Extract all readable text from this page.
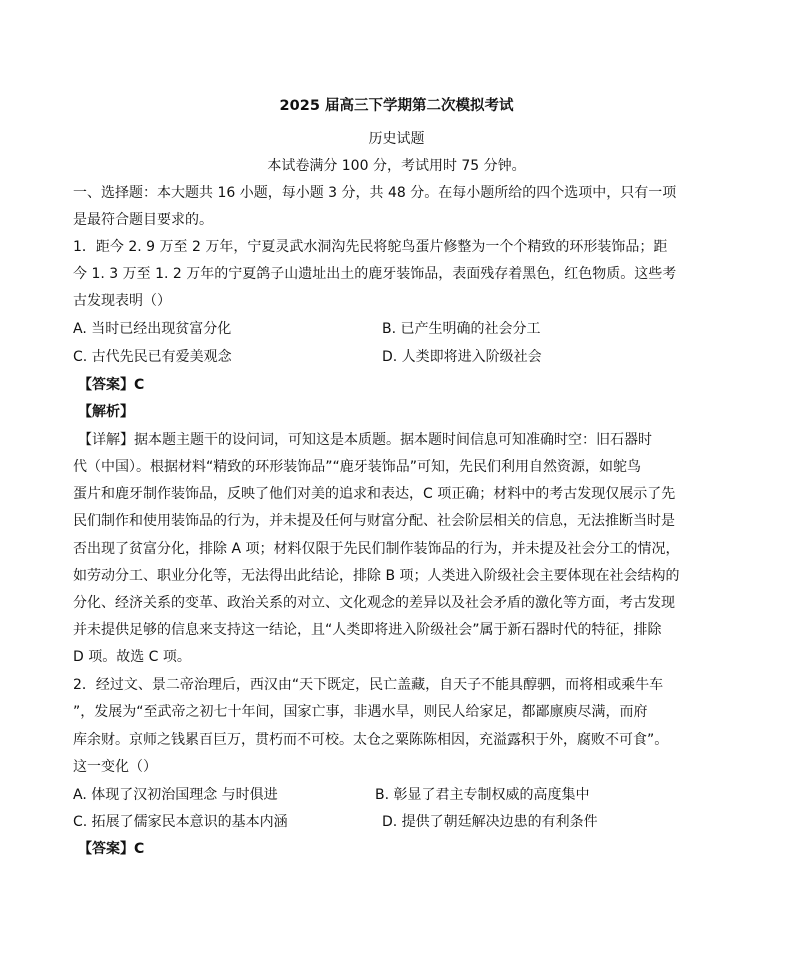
2025 届高三下学期第二次模拟考试
历史试题
本试卷满分 100 分，考试用时 75 分钟。
一、选择题：本大题共 16 小题，每小题 3 分，共 48 分。在每小题所给的四个选项中，只有一项
是最符合题目要求的。
1．距今 2. 9 万至 2 万年，宁夏灵武水洞沟先民将鸵鸟蛋片修整为一个个精致的环形装饰品；距
今 1. 3 万至 1. 2 万年的宁夏鸽子山遗址出土的鹿牙装饰品，表面残存着黑色，红色物质。这些考
古发现表明（）
A. 当时已经出现贫富分化	B. 已产生明确的社会分工
C. 古代先民已有爱美观念	D. 人类即将进入阶级社会
【答案】C
【解析】
【详解】据本题主题干的设问词，可知这是本质题。据本题时间信息可知准确时空：旧石器时
代（中国）。根据材料“精致的环形装饰品”“鹿牙装饰品”可知，先民们利用自然资源，如鸵鸟
蛋片和鹿牙制作装饰品，反映了他们对美的追求和表达，C 项正确；材料中的考古发现仅展示了先
民们制作和使用装饰品的行为，并未提及任何与财富分配、社会阶层相关的信息，无法推断当时是
否出现了贫富分化，排除 A 项；材料仅限于先民们制作装饰品的行为，并未提及社会分工的情况，
如劳动分工、职业分化等，无法得出此结论，排除 B 项；人类进入阶级社会主要体现在社会结构的
分化、经济关系的变革、政治关系的对立、文化观念的差异以及社会矛盾的激化等方面，考古发现
并未提供足够的信息来支持这一结论，且“人类即将进入阶级社会”属于新石器时代的特征，排除
D 项。故选 C 项。
2．经过文、景二帝治理后，西汉由“天下既定，民亡盖藏，自天子不能具醇驷，而将相或乘牛车
”，发展为“至武帝之初七十年间，国家亡事，非遇水旱，则民人给家足，都鄙廪庾尽满，而府
库余财。京师之钱累百巨万，贯朽而不可校。太仓之粟陈陈相因，充溢露积于外，腐败不可食”。
这一变化（）
A. 体现了汉初治国理念 与时俱进	B. 彰显了君主专制权威的高度集中
C. 拓展了儒家民本意识的基本内涵	D. 提供了朝廷解决边患的有利条件
【答案】C
